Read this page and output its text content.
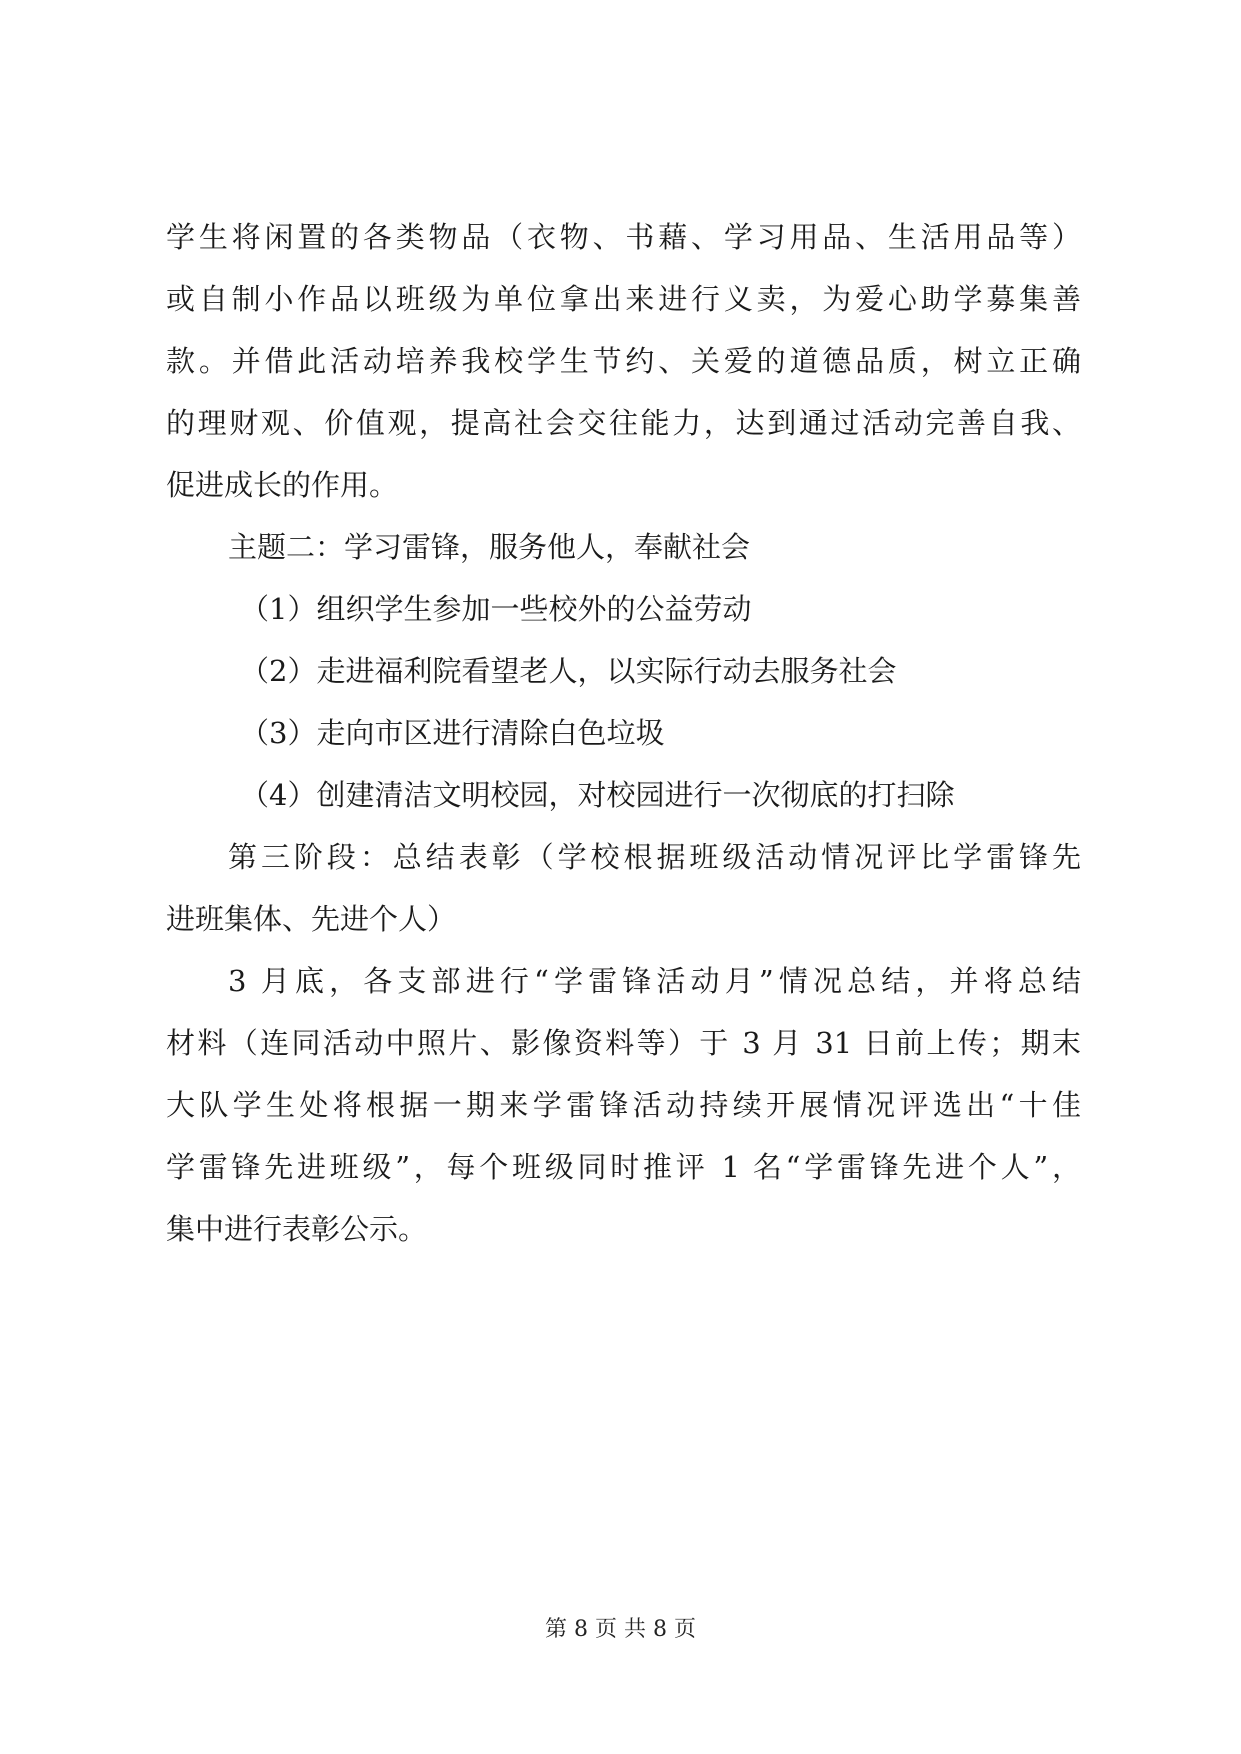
学生将闲置的各类物品（衣物、书藉、学习用品、生活用品等）
或自制小作品以班级为单位拿出来进行义卖，为爱心助学募集善
款。并借此活动培养我校学生节约、关爱的道德品质，树立正确
的理财观、价值观，提高社会交往能力，达到通过活动完善自我、
促进成长的作用。
主题二：学习雷锋，服务他人，奉献社会
（1）组织学生参加一些校外的公益劳动
（2）走进福利院看望老人，以实际行动去服务社会
（3）走向市区进行清除白色垃圾
（4）创建清洁文明校园，对校园进行一次彻底的打扫除
第三阶段：总结表彰（学校根据班级活动情况评比学雷锋先
进班集体、先进个人）
3 月底，各支部进行“学雷锋活动月”情况总结，并将总结
材料（连同活动中照片、影像资料等）于 3 月 31 日前上传；期末
大队学生处将根据一期来学雷锋活动持续开展情况评选出“十佳
学雷锋先进班级”，每个班级同时推评 1 名“学雷锋先进个人”，
集中进行表彰公示。
第 8 页 共 8 页
